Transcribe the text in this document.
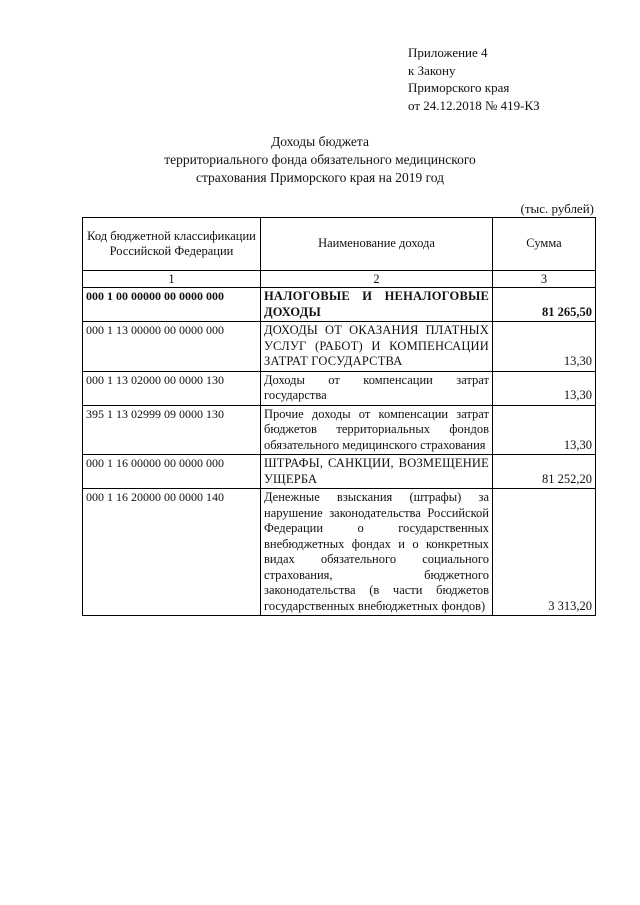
Приложение 4
к Закону
Приморского края
от 24.12.2018 № 419-КЗ
Доходы бюджета
территориального фонда обязательного медицинского
страхования Приморского края на 2019 год
(тыс. рублей)
Код бюджетной классификации Российской Федерации	Наименование дохода	Сумма
1	2	3
000 1 00 00000 00 0000 000	НАЛОГОВЫЕ И НЕНАЛОГОВЫЕ ДОХОДЫ	81 265,50
000 1 13 00000 00 0000 000	ДОХОДЫ ОТ ОКАЗАНИЯ ПЛАТНЫХ УСЛУГ (РАБОТ) И КОМПЕНСАЦИИ ЗАТРАТ ГОСУДАРСТВА	13,30
000 1 13 02000 00 0000 130	Доходы от компенсации затрат государства	13,30
395 1 13 02999 09 0000 130	Прочие доходы от компенсации затрат бюджетов территориальных фондов обязательного медицинского страхования	13,30
000 1 16 00000 00 0000 000	ШТРАФЫ, САНКЦИИ, ВОЗМЕЩЕНИЕ УЩЕРБА	81 252,20
000 1 16 20000 00 0000 140	Денежные взыскания (штрафы) за нарушение законодательства Российской Федерации о государственных внебюджетных фондах и о конкретных видах обязательного социального страхования, бюджетного законодательства (в части бюджетов государственных внебюджетных фондов)	3 313,20
